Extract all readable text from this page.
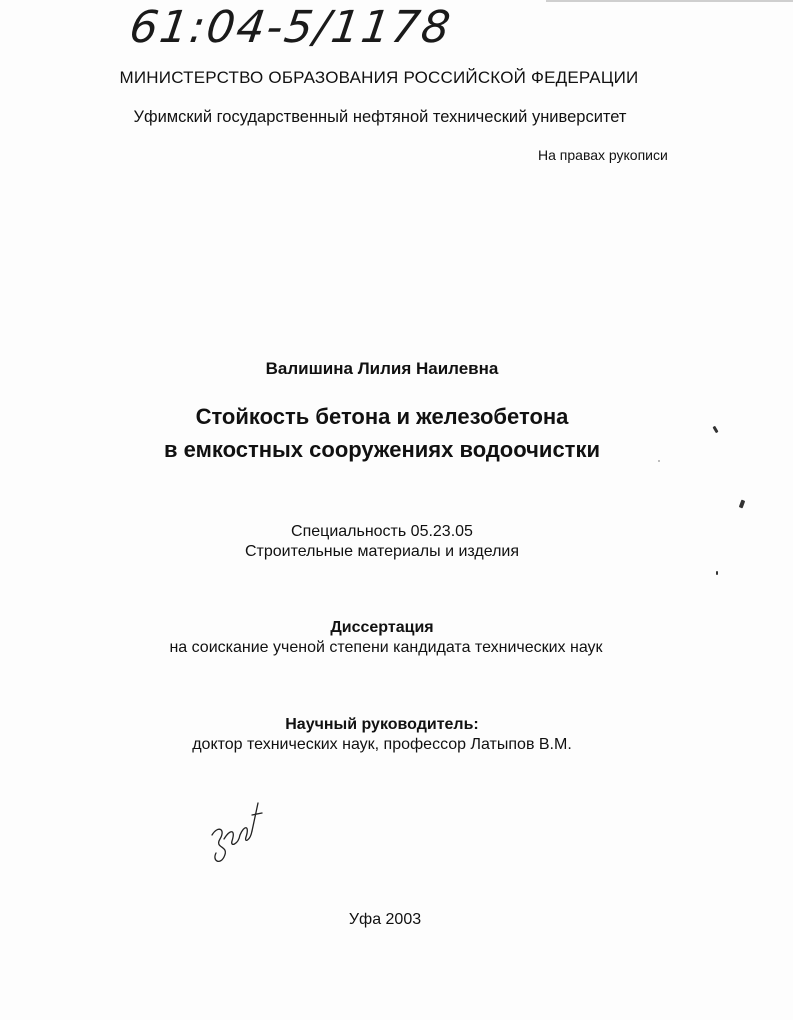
61:04-5/1178
МИНИСТЕРСТВО ОБРАЗОВАНИЯ РОССИЙСКОЙ ФЕДЕРАЦИИ
Уфимский государственный нефтяной технический университет
На правах рукописи
Валишина Лилия Наилевна
Стойкость бетона и железобетона
в емкостных сооружениях водоочистки
Специальность 05.23.05
Строительные материалы и изделия
Диссертация
на соискание ученой степени кандидата технических наук
Научный руководитель:
доктор технических наук, профессор Латыпов В.М.
Уфа 2003
